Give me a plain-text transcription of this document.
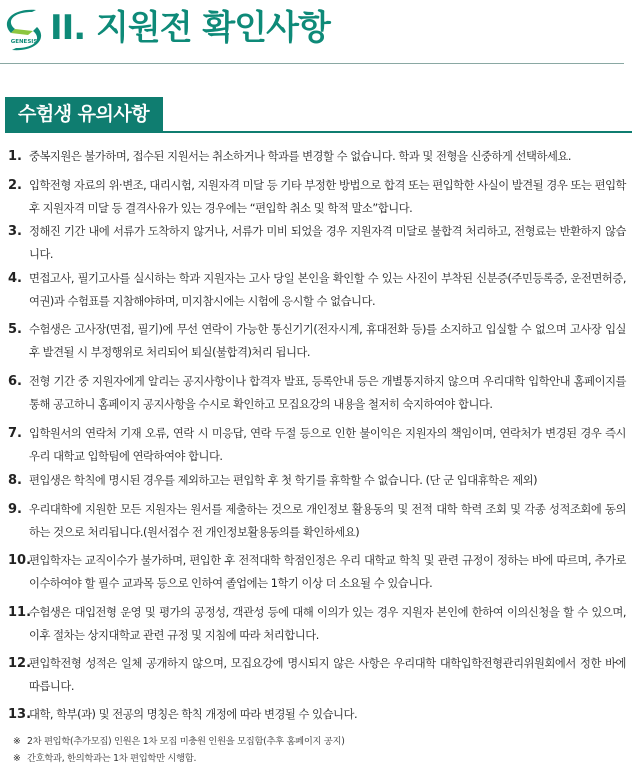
GENESIS II. 지원전 확인사항
수험생 유의사항
1. 중복지원은 불가하며, 접수된 지원서는 취소하거나 학과를 변경할 수 없습니다. 학과 및 전형을 신중하게 선택하세요.

2. 입학전형 자료의 위·변조, 대리시험, 지원자격 미달 등 기타 부정한 방법으로 합격 또는 편입학한 사실이 발견될 경우 또는 편입학 후 지원자격 미달 등 결격사유가 있는 경우에는 “편입학 취소 및 학적 말소”합니다.

3. 정해진 기간 내에 서류가 도착하지 않거나, 서류가 미비 되었을 경우 지원자격 미달로 불합격 처리하고, 전형료는 반환하지 않습니다.

4. 면접고사, 필기고사를 실시하는 학과 지원자는 고사 당일 본인을 확인할 수 있는 사진이 부착된 신분증(주민등록증, 운전면허증, 여권)과 수험표를 지참해야하며, 미지참시에는 시험에 응시할 수 없습니다.

5. 수험생은 고사장(면접, 필기)에 무선 연락이 가능한 통신기기(전자시계, 휴대전화 등)를 소지하고 입실할 수 없으며 고사장 입실 후 발견될 시 부정행위로 처리되어 퇴실(불합격)처리 됩니다.

6. 전형 기간 중 지원자에게 알리는 공지사항이나 합격자 발표, 등록안내 등은 개별통지하지 않으며 우리대학 입학안내 홈페이지를 통해 공고하니 홈페이지 공지사항을 수시로 확인하고 모집요강의 내용을 철저히 숙지하여야 합니다.

7. 입학원서의 연락처 기재 오류, 연락 시 미응답, 연락 두절 등으로 인한 불이익은 지원자의 책임이며, 연락처가 변경된 경우 즉시 우리 대학교 입학팀에 연락하여야 합니다.

8. 편입생은 학칙에 명시된 경우를 제외하고는 편입학 후 첫 학기를 휴학할 수 없습니다. (단 군 입대휴학은 제외)

9. 우리대학에 지원한 모든 지원자는 원서를 제출하는 것으로 개인정보 활용동의 및 전적 대학 학력 조회 및 각종 성적조회에 동의하는 것으로 처리됩니다.(원서접수 전 개인정보활용동의를 확인하세요)

10.

편입학자는 교직이수가 불가하며, 편입한 후 전적대학 학점인정은 우리 대학교 학칙 및 관련 규정이 정하는 바에 따르며, 추가로 이수하여야 할 필수 교과목 등으로 인하여 졸업에는 1학기 이상 더 소요될 수 있습니다.

11.

수험생은 대입전형 운영 및 평가의 공정성, 객관성 등에 대해 이의가 있는 경우 지원자 본인에 한하여 이의신청을 할 수 있으며, 이후 절차는 상지대학교 관련 규정 및 지침에 따라 처리합니다.

12.

편입학전형 성적은 일체 공개하지 않으며, 모집요강에 명시되지 않은 사항은 우리대학 대학입학전형관리위원회에서 정한 바에 따릅니다.

13.

대학, 학부(과) 및 전공의 명칭은 학칙 개정에 따라 변경될 수 있습니다.

※ 2차 편입학(추가모집) 인원은 1차 모집 미충원 인원을 모집함(추후 홈페이지 공지)
※ 간호학과, 한의학과는 1차 편입학만 시행함.
